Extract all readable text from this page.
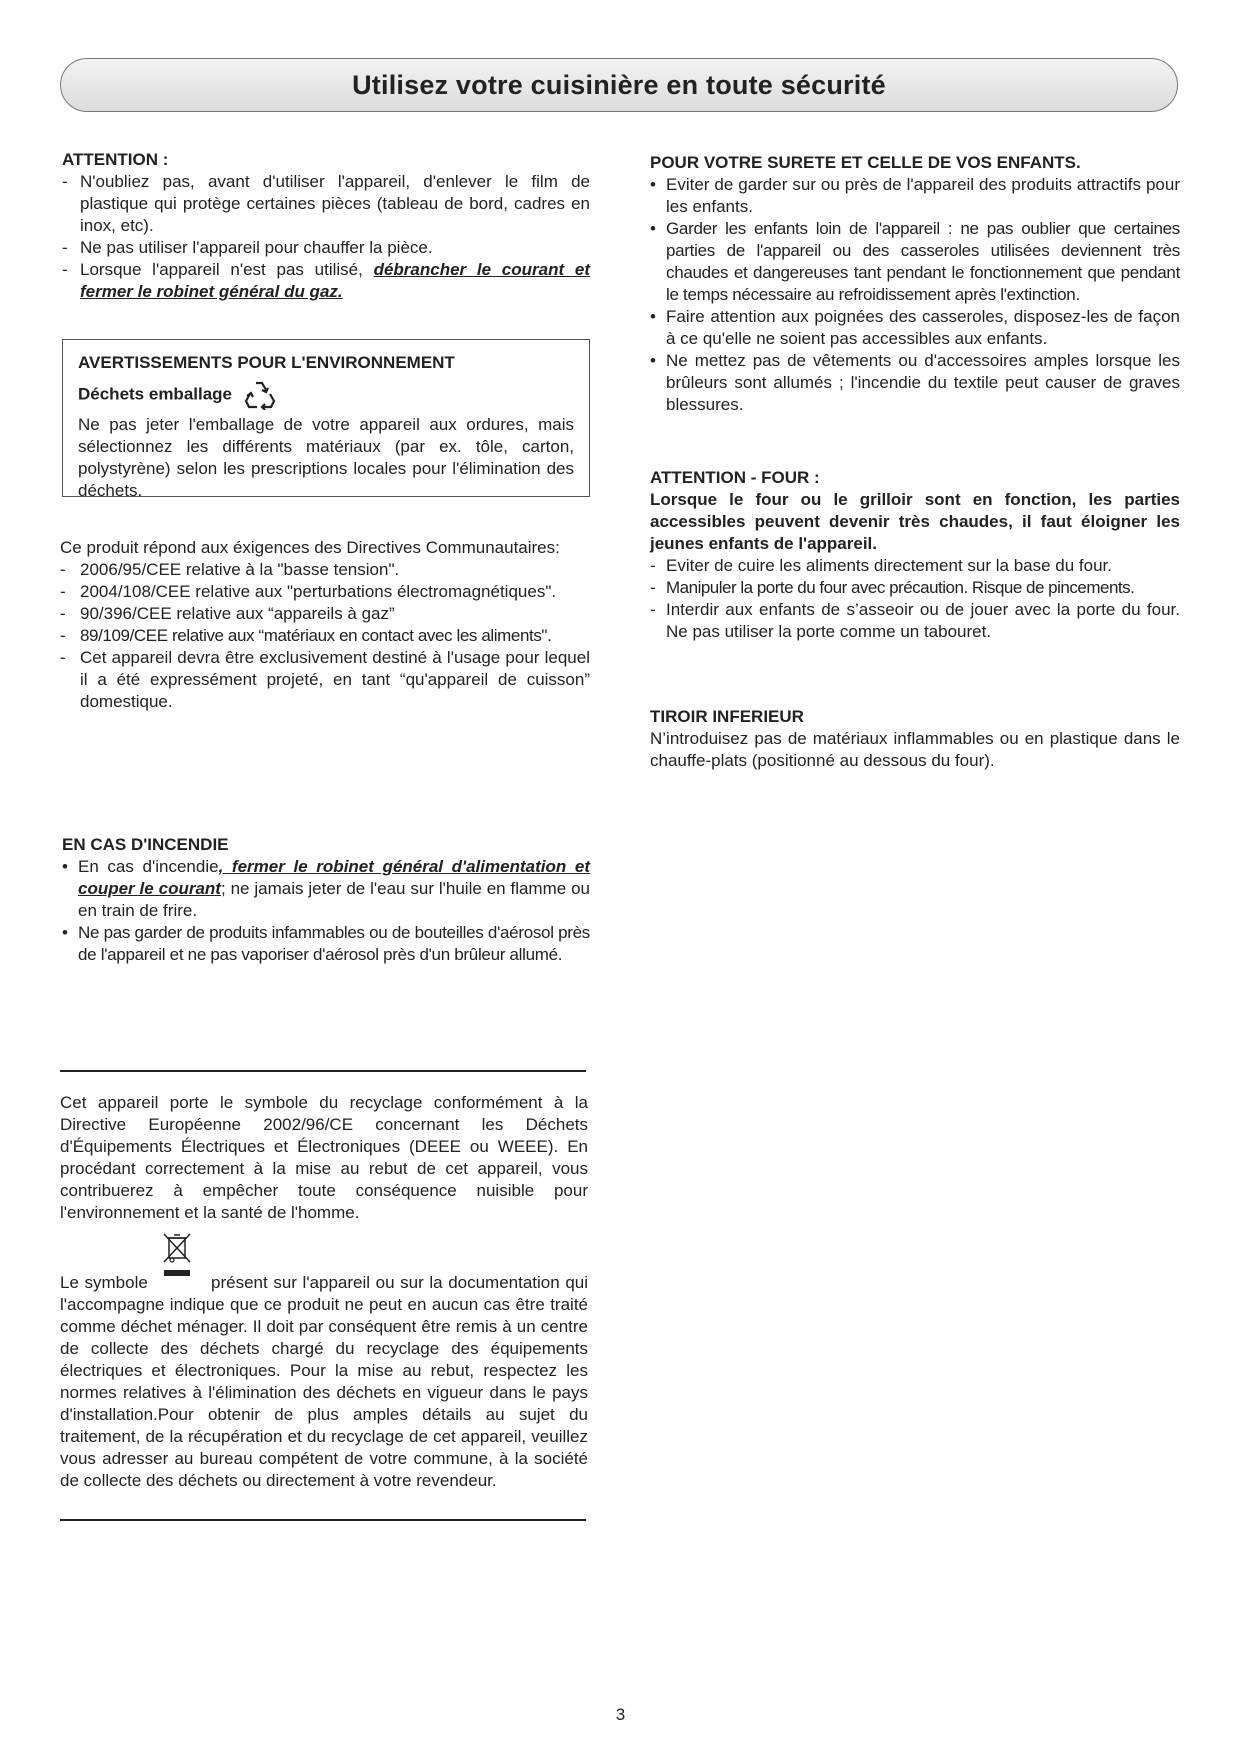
Utilisez votre cuisinière en toute sécurité

ATTENTION :

- N'oubliez pas, avant d'utiliser l'appareil, d'enlever le film de plastique qui protège certaines pièces (tableau de bord, cadres en inox, etc).
- Ne pas utiliser l'appareil pour chauffer la pièce.
- Lorsque l'appareil n'est pas utilisé, débrancher le courant et fermer le robinet général du gaz.

AVERTISSEMENTS POUR L'ENVIRONNEMENT

Déchets emballage

Ne pas jeter l'emballage de votre appareil aux ordures, mais sélectionnez les différents matériaux (par ex. tôle, carton, polystyrène) selon les prescriptions locales pour l'élimination des déchets.

Ce produit répond aux éxigences des Directives Communautaires:

- 2006/95/CEE relative à la "basse tension".
- 2004/108/CEE relative aux "perturbations électromagnétiques".
- 90/396/CEE relative aux “appareils à gaz”
- 89/109/CEE relative aux “matériaux en contact avec les aliments".
- Cet appareil devra être exclusivement destiné à l'usage pour lequel il a été expressément projeté, en tant “qu'appareil de cuisson” domestique.

EN CAS D'INCENDIE

• En cas d'incendie, fermer le robinet général d'alimentation et couper le courant; ne jamais jeter de l'eau sur l'huile en flamme ou en train de frire.
• Ne pas garder de produits infammables ou de bouteilles d'aérosol près de l'appareil et ne pas vaporiser d'aérosol près d'un brûleur allumé.

Cet appareil porte le symbole du recyclage conformément à la Directive Européenne 2002/96/CE concernant les Déchets d'Équipements Électriques et Électroniques (DEEE ou WEEE). En procédant correctement à la mise au rebut de cet appareil, vous contribuerez à empêcher toute conséquence nuisible pour l'environnement et la santé de l'homme.

Le symbole	présent sur l'appareil ou sur la documentation qui l'accompagne indique que ce produit ne peut en aucun cas être traité comme déchet ménager. Il doit par conséquent être remis à un centre de collecte des déchets chargé du recyclage des équipements électriques et électroniques. Pour la mise au rebut, respectez les normes relatives à l'élimination des déchets en vigueur dans le pays d'installation.Pour obtenir de plus amples détails au sujet du traitement, de la récupération et du recyclage de cet appareil, veuillez vous adresser au bureau compétent de votre commune, à la société de collecte des déchets ou directement à votre revendeur.

POUR VOTRE SURETE ET CELLE DE VOS ENFANTS.

• Eviter de garder sur ou près de l'appareil des produits attractifs pour les enfants.
• Garder les enfants loin de l'appareil : ne pas oublier que certaines parties de l'appareil ou des casseroles utilisées deviennent très chaudes et dangereuses tant pendant le fonctionnement que pendant le temps nécessaire au refroidissement après l'extinction.
• Faire attention aux poignées des casseroles, disposez-les de façon à ce qu'elle ne soient pas accessibles aux enfants.
• Ne mettez pas de vêtements ou d'accessoires amples lorsque les brûleurs sont allumés ; l'incendie du textile peut causer de graves blessures.

ATTENTION - FOUR :

Lorsque le four ou le grilloir sont en fonction, les parties accessibles peuvent devenir très chaudes, il faut éloigner les jeunes enfants de l'appareil.

- Eviter de cuire les aliments directement sur la base du four.
- Manipuler la porte du four avec précaution. Risque de pincements.
- Interdir aux enfants de s’asseoir ou de jouer avec la porte du four. Ne pas utiliser la porte comme un tabouret.

TIROIR INFERIEUR

N’introduisez pas de matériaux inflammables ou en plastique dans le chauffe-plats (positionné au dessous du four).

3
